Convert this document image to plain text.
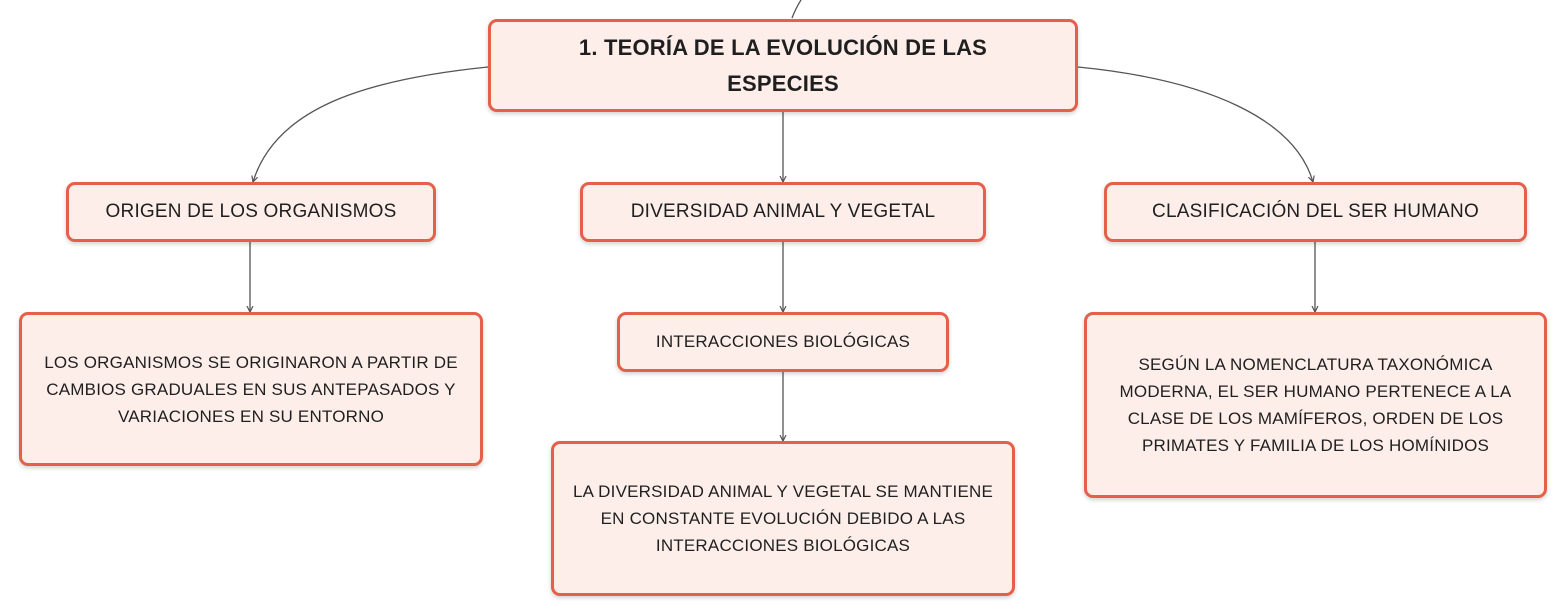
1. TEORÍA DE LA EVOLUCIÓN DE LAS ESPECIES
ORIGEN DE LOS ORGANISMOS	DIVERSIDAD ANIMAL Y VEGETAL	CLASIFICACIÓN DEL SER HUMANO
LOS ORGANISMOS SE ORIGINARON A PARTIR DE CAMBIOS GRADUALES EN SUS ANTEPASADOS Y VARIACIONES EN SU ENTORNO
INTERACCIONES BIOLÓGICAS
LA DIVERSIDAD ANIMAL Y VEGETAL SE MANTIENE EN CONSTANTE EVOLUCIÓN DEBIDO A LAS INTERACCIONES BIOLÓGICAS
SEGÚN LA NOMENCLATURA TAXONÓMICA MODERNA, EL SER HUMANO PERTENECE A LA CLASE DE LOS MAMÍFEROS, ORDEN DE LOS PRIMATES Y FAMILIA DE LOS HOMÍNIDOS
